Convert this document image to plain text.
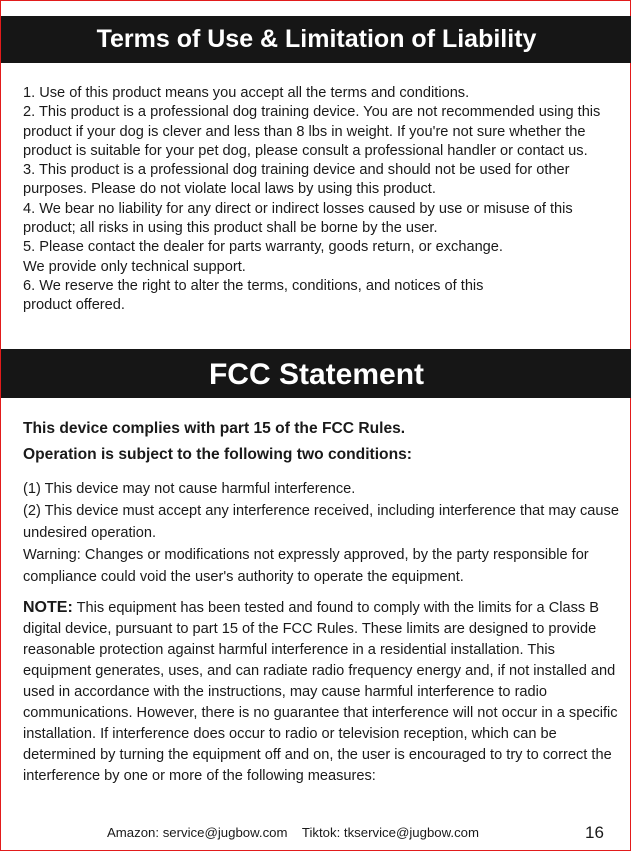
Terms of Use & Limitation of Liability

1. Use of this product means you accept all the terms and conditions.

2. This product is a professional dog training device. You are not recommended using this product if your dog is clever and less than 8 lbs in weight. If you're not sure whether the product is suitable for your pet dog, please consult a professional handler or contact us.

3. This product is a professional dog training device and should not be used for other purposes. Please do not violate local laws by using this product.

4. We bear no liability for any direct or indirect losses caused by use or misuse of this product; all risks in using this product shall be borne by the user.

5. Please contact the dealer for parts warranty, goods return, or exchange.

We provide only technical support.

6. We reserve the right to alter the terms, conditions, and notices of this

product offered.

FCC Statement

This device complies with part 15 of the FCC Rules.

Operation is subject to the following two conditions:

(1) This device may not cause harmful interference.

(2) This device must accept any interference received, including interference that may cause undesired operation.

Warning: Changes or modifications not expressly approved, by the party responsible for compliance could void the user's authority to operate the equipment.

NOTE: This equipment has been tested and found to comply with the limits for a Class B digital device, pursuant to part 15 of the FCC Rules. These limits are designed to provide reasonable protection against harmful interference in a residential installation. This equipment generates, uses, and can radiate radio frequency energy and, if not installed and used in accordance with the instructions, may cause harmful interference to radio communications. However, there is no guarantee that interference will not occur in a specific installation. If interference does occur to radio or television reception, which can be determined by turning the equipment off and on, the user is encouraged to try to correct the interference by one or more of the following measures:

Amazon: service@jugbow.com    Tiktok: tkservice@jugbow.com	16
